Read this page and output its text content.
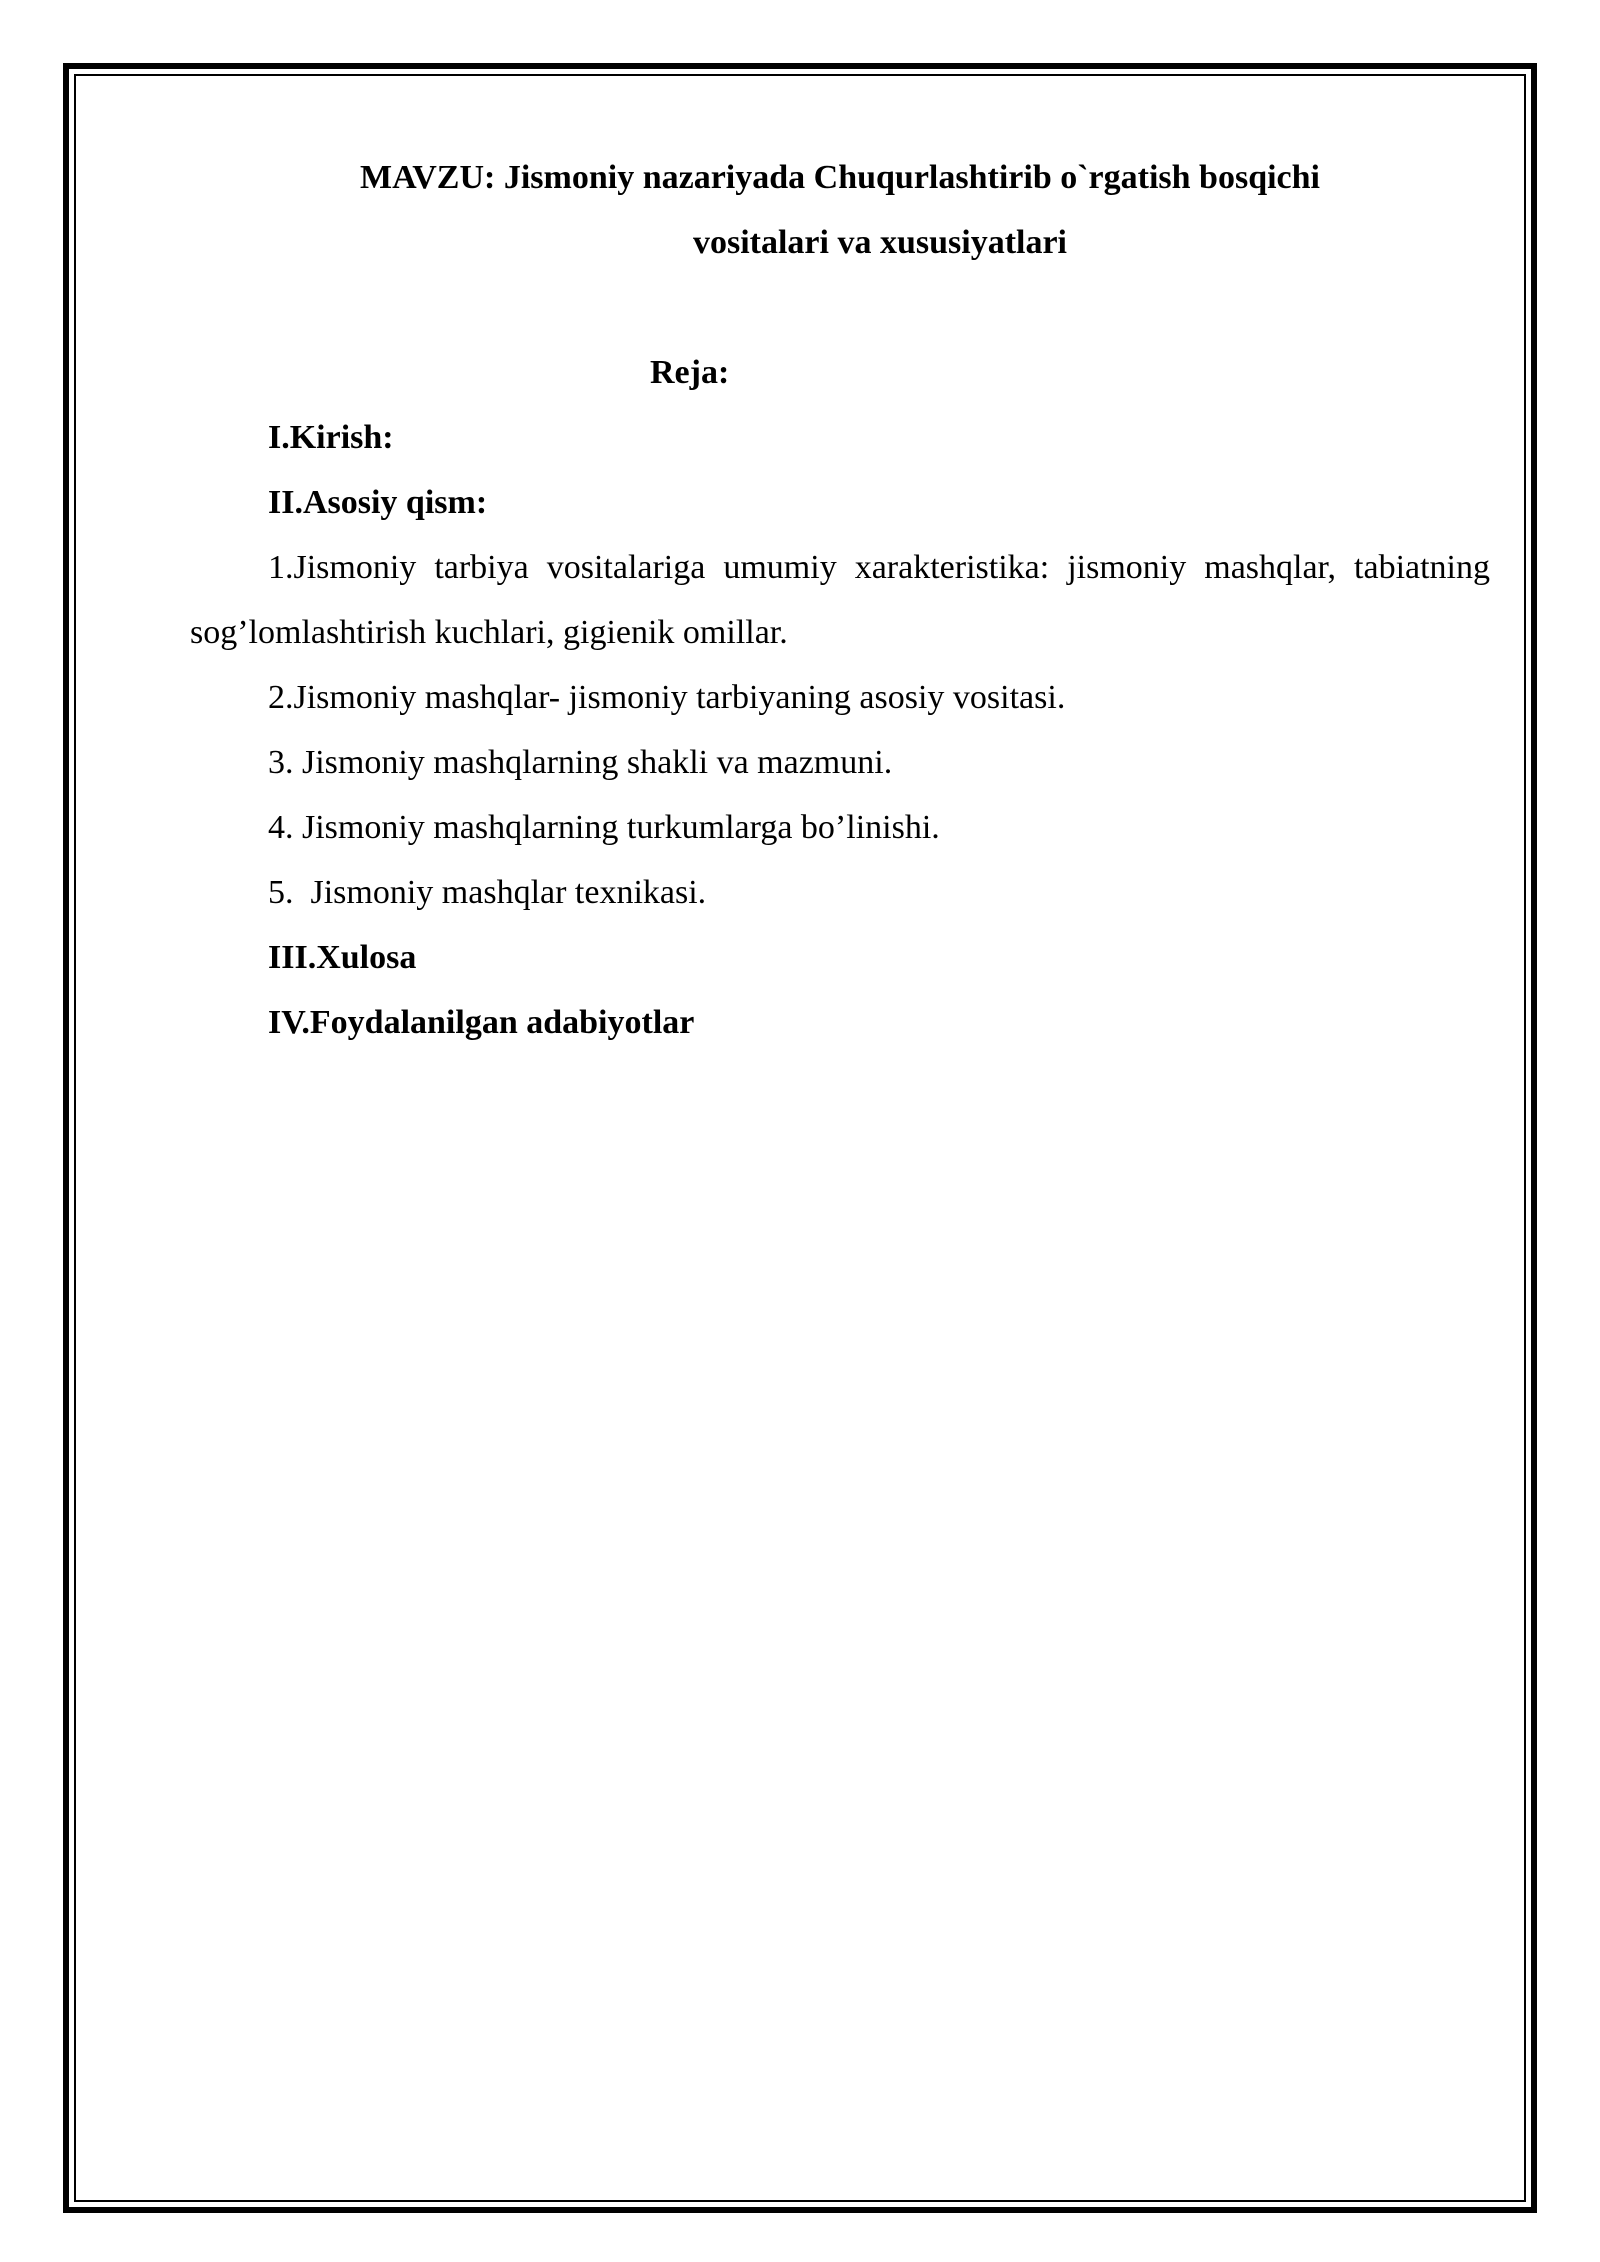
MAVZU: Jismoniy nazariyada Chuqurlashtirib o`rgatish bosqichi

vositalari va xususiyatlari

Reja:

I.Kirish:

II.Asosiy qism:

1.Jismoniy tarbiya vositalariga umumiy xarakteristika: jismoniy mashqlar, tabiatning sog’lomlashtirish kuchlari, gigienik omillar.

2.Jismoniy mashqlar- jismoniy tarbiyaning asosiy vositasi.

3. Jismoniy mashqlarning shakli va mazmuni.

4. Jismoniy mashqlarning turkumlarga bo’linishi.

5.  Jismoniy mashqlar texnikasi.

III.Xulosa

IV.Foydalanilgan adabiyotlar
